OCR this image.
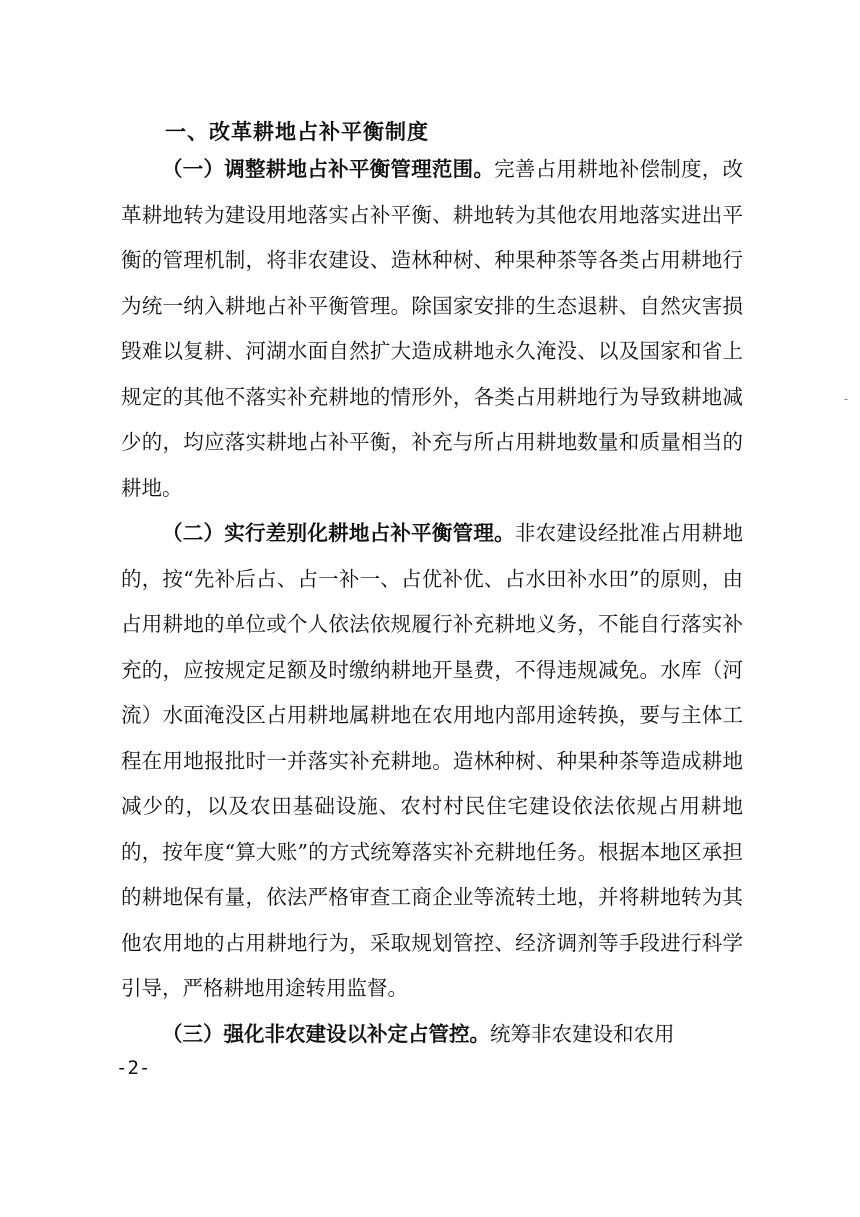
一、改革耕地占补平衡制度

（一）调整耕地占补平衡管理范围。完善占用耕地补偿制度，改革耕地转为建设用地落实占补平衡、耕地转为其他农用地落实进出平衡的管理机制，将非农建设、造林种树、种果种茶等各类占用耕地行为统一纳入耕地占补平衡管理。除国家安排的生态退耕、自然灾害损毁难以复耕、河湖水面自然扩大造成耕地永久淹没、以及国家和省上规定的其他不落实补充耕地的情形外，各类占用耕地行为导致耕地减少的，均应落实耕地占补平衡，补充与所占用耕地数量和质量相当的耕地。

（二）实行差别化耕地占补平衡管理。非农建设经批准占用耕地的，按“先补后占、占一补一、占优补优、占水田补水田”的原则，由占用耕地的单位或个人依法依规履行补充耕地义务，不能自行落实补充的，应按规定足额及时缴纳耕地开垦费，不得违规减免。水库（河流）水面淹没区占用耕地属耕地在农用地内部用途转换，要与主体工程在用地报批时一并落实补充耕地。造林种树、种果种茶等造成耕地减少的，以及农田基础设施、农村村民住宅建设依法依规占用耕地的，按年度“算大账”的方式统筹落实补充耕地任务。根据本地区承担的耕地保有量，依法严格审查工商企业等流转土地，并将耕地转为其他农用地的占用耕地行为，采取规划管控、经济调剂等手段进行科学引导，严格耕地用途转用监督。

（三）强化非农建设以补定占管控。统筹非农建设和农用

-
-2-
